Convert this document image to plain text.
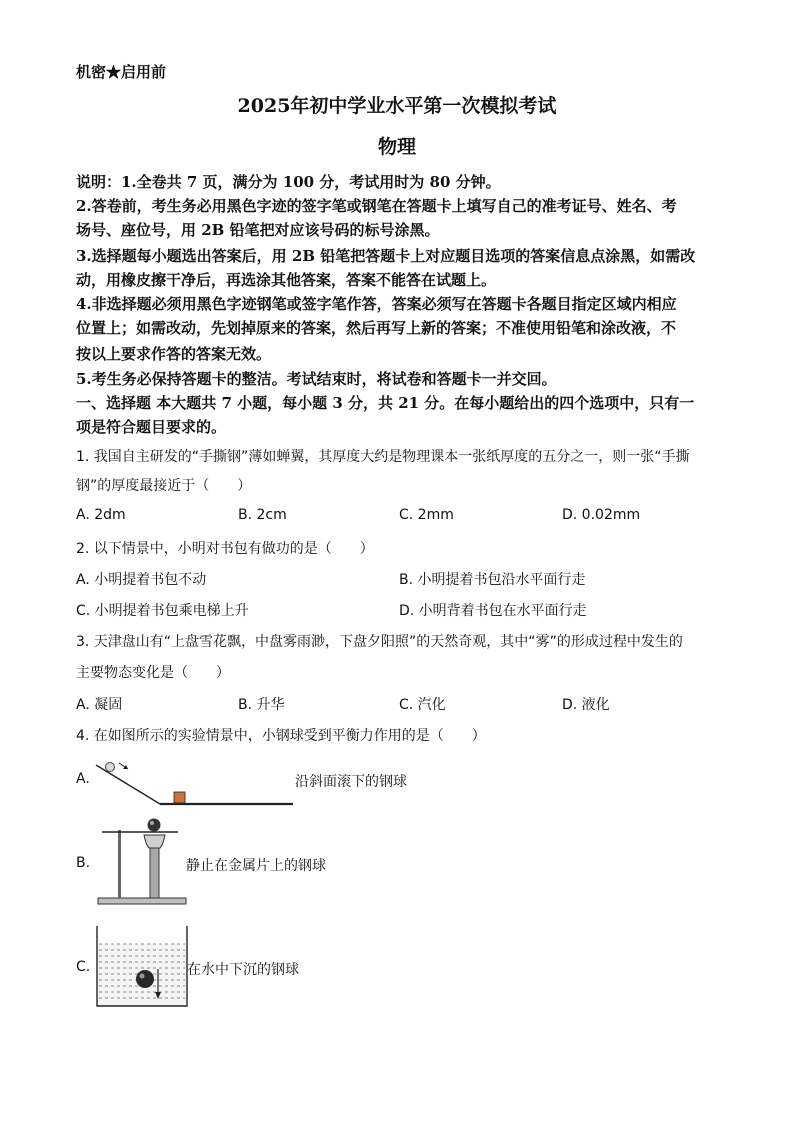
机密★启用前
2025年初中学业水平第一次模拟考试
物理
说明：1.全卷共 7 页，满分为 100 分，考试用时为 80 分钟。
2.答卷前，考生务必用黑色字迹的签字笔或钢笔在答题卡上填写自己的准考证号、姓名、考
场号、座位号，用 2B 铅笔把对应该号码的标号涂黑。
3.选择题每小题选出答案后，用 2B 铅笔把答题卡上对应题目选项的答案信息点涂黑，如需改
动，用橡皮擦干净后，再选涂其他答案，答案不能答在试题上。
4.非选择题必须用黑色字迹钢笔或签字笔作答，答案必须写在答题卡各题目指定区域内相应
位置上；如需改动，先划掉原来的答案，然后再写上新的答案；不准使用铅笔和涂改液，不
按以上要求作答的答案无效。
5.考生务必保持答题卡的整洁。考试结束时，将试卷和答题卡一并交回。
一、选择题 本大题共 7 小题，每小题 3 分，共 21 分。在每小题给出的四个选项中，只有一
项是符合题目要求的。
1. 我国自主研发的“手撕钢”薄如蝉翼，其厚度大约是物理课本一张纸厚度的五分之一，则一张“手撕
钢”的厚度最接近于（　　）
A. 2dm	B. 2cm	C. 2mm	D. 0.02mm
2. 以下情景中，小明对书包有做功的是（　　）
A. 小明提着书包不动	B. 小明提着书包沿水平面行走
C. 小明提着书包乘电梯上升	D. 小明背着书包在水平面行走
3. 天津盘山有“上盘雪花飘，中盘雾雨渺，下盘夕阳照”的天然奇观，其中“雾”的形成过程中发生的
主要物态变化是（　　）
A. 凝固	B. 升华	C. 汽化	D. 液化
4. 在如图所示的实验情景中，小钢球受到平衡力作用的是（　　）
A.	沿斜面滚下的钢球
B.	静止在金属片上的钢球
C.	在水中下沉的钢球
